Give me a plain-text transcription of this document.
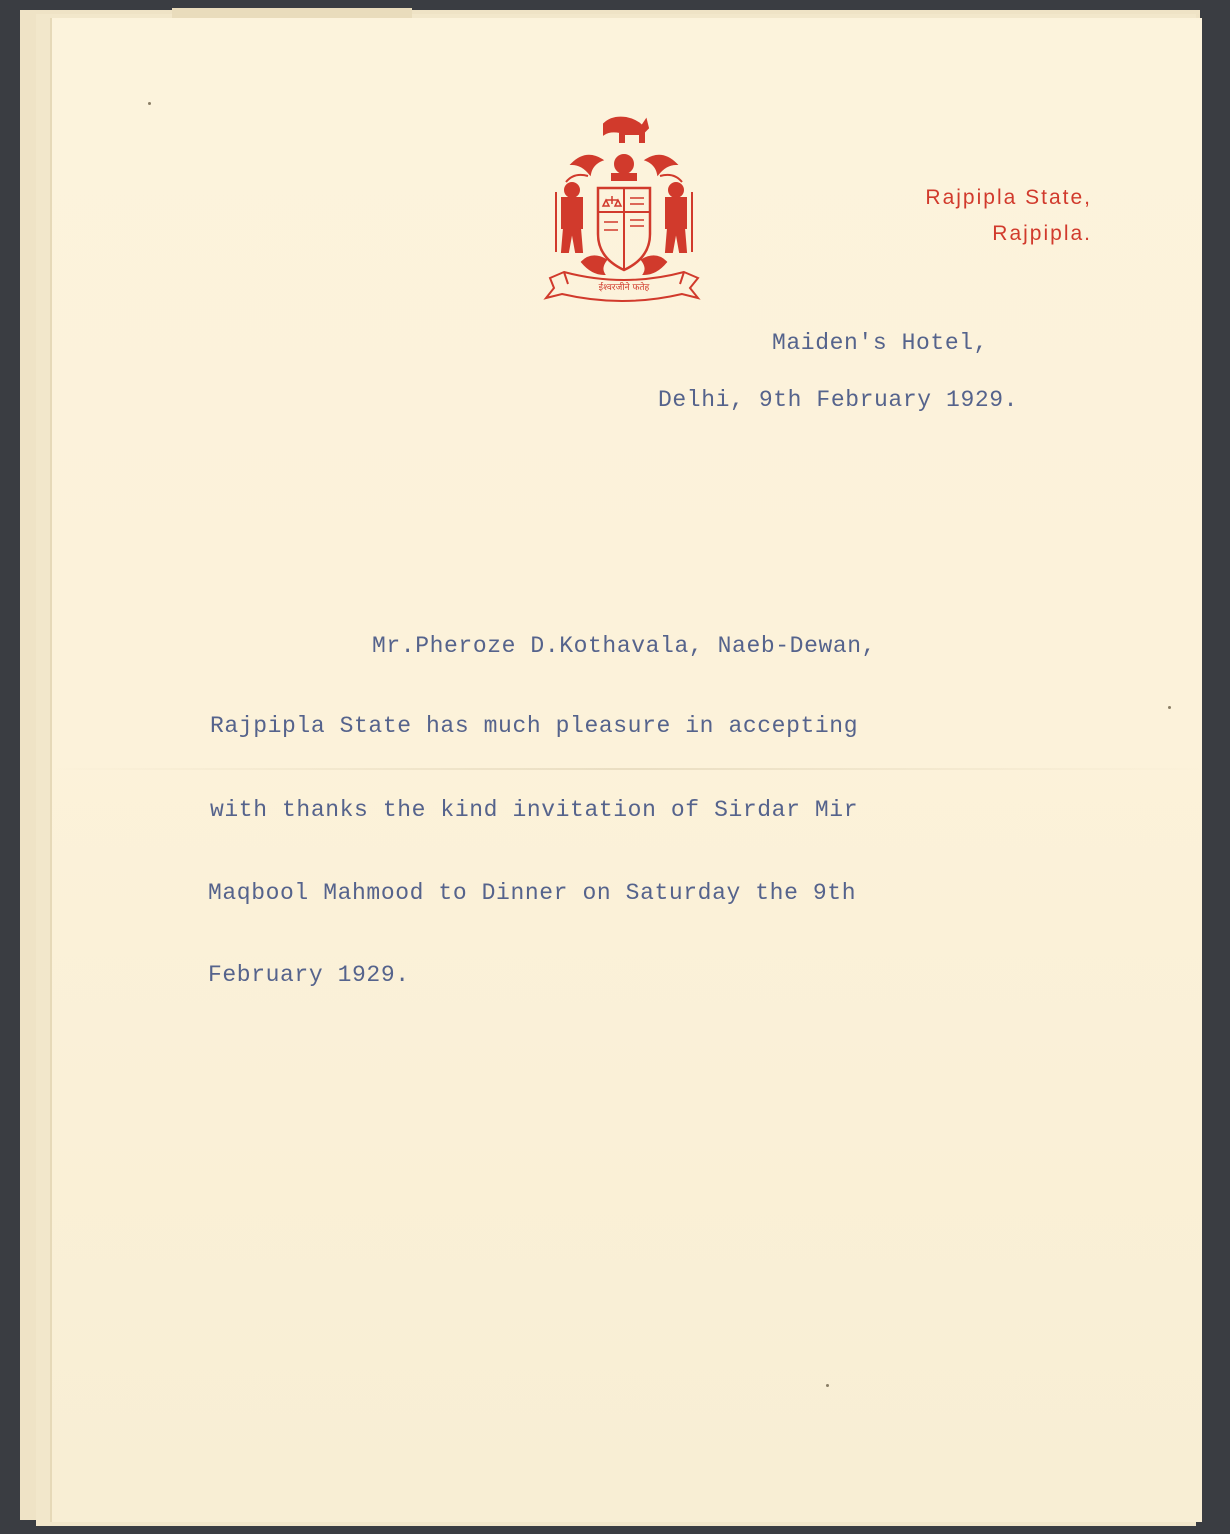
ईश्वरजीने फतेह
Rajpipla State,
Rajpipla.
Maiden's Hotel,
Delhi, 9th February 1929.
Mr.Pheroze D.Kothavala, Naeb-Dewan,
Rajpipla State has much pleasure in accepting
with thanks the kind invitation of Sirdar Mir
Maqbool Mahmood to Dinner on Saturday the 9th
February 1929.
